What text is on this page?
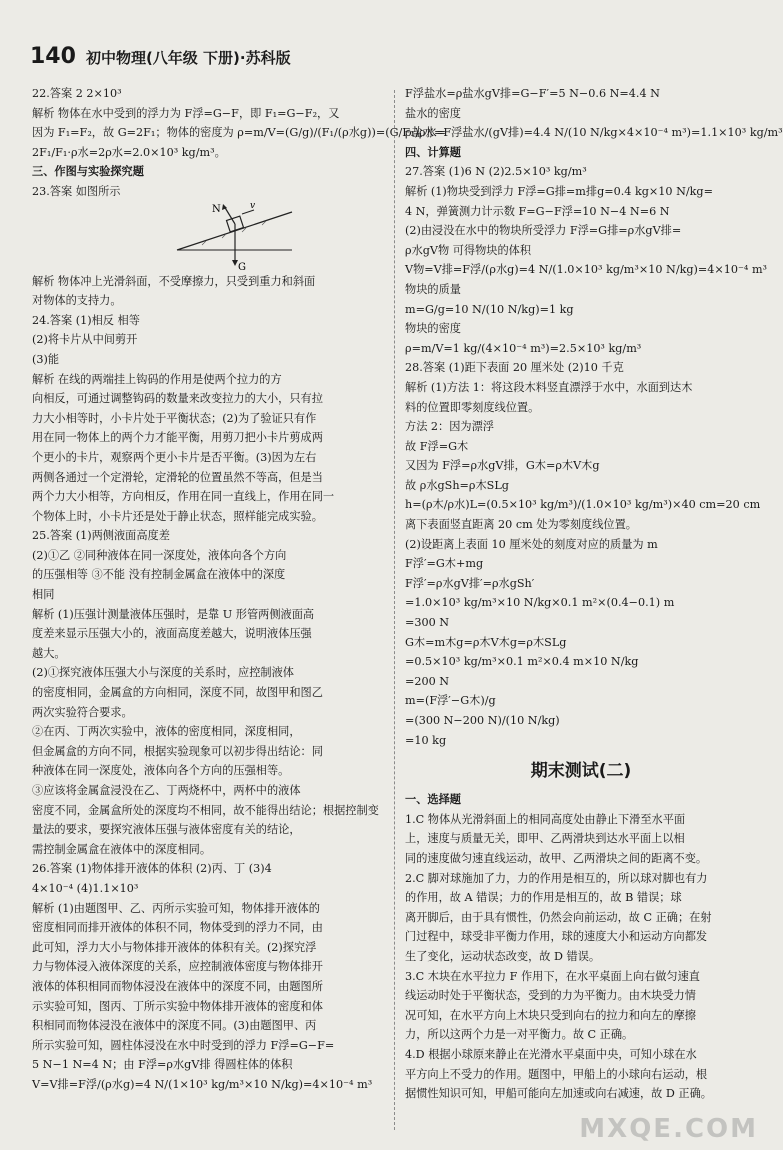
140 初中物理(八年级 下册)·苏科版
22.答案 2 2×10³
解析 物体在水中受到的浮力为 F浮=G−F，即 F₁=G−F₂，又
因为 F₁=F₂，故 G=2F₁；物体的密度为 ρ=m/V=(G/g)/(F₁/(ρ水g))=(G/F₁)ρ水=
2F₁/F₁·ρ水=2ρ水=2.0×10³ kg/m³。
三、作图与实验探究题
23.答案 如图所示
N	v
G
解析 物体冲上光滑斜面，不受摩擦力，只受到重力和斜面
对物体的支持力。
24.答案 (1)相反 相等
(2)将卡片从中间剪开
(3)能
解析 在线的两端挂上钩码的作用是使两个拉力的方
向相反，可通过调整钩码的数量来改变拉力的大小，只有拉
力大小相等时，小卡片处于平衡状态；(2)为了验证只有作
用在同一物体上的两个力才能平衡，用剪刀把小卡片剪成两
个更小的卡片，观察两个更小卡片是否平衡。(3)因为左右
两侧各通过一个定滑轮，定滑轮的位置虽然不等高，但是当
两个力大小相等，方向相反，作用在同一直线上，作用在同一
个物体上时，小卡片还是处于静止状态，照样能完成实验。
25.答案 (1)两侧液面高度差
(2)①乙 ②同种液体在同一深度处，液体向各个方向
的压强相等 ③不能 没有控制金属盒在液体中的深度
相同
解析 (1)压强计测量液体压强时，是靠 U 形管两侧液面高
度差来显示压强大小的，液面高度差越大，说明液体压强
越大。
(2)①探究液体压强大小与深度的关系时，应控制液体
的密度相同，金属盒的方向相同，深度不同，故图甲和图乙
两次实验符合要求。
②在丙、丁两次实验中，液体的密度相同，深度相同，
但金属盒的方向不同，根据实验现象可以初步得出结论：同
种液体在同一深度处，液体向各个方向的压强相等。
③应该将金属盒浸没在乙、丁两烧杯中，两杯中的液体
密度不同，金属盒所处的深度均不相同，故不能得出结论；根据控制变
量法的要求，要探究液体压强与液体密度有关的结论，
需控制金属盒在液体中的深度相同。
26.答案 (1)物体排开液体的体积 (2)丙、丁 (3)4
4×10⁻⁴ (4)1.1×10³
解析 (1)由题图甲、乙、丙所示实验可知，物体排开液体的
密度相同而排开液体的体积不同，物体受到的浮力不同，由
此可知，浮力大小与物体排开液体的体积有关。(2)探究浮
力与物体浸入液体深度的关系，应控制液体密度与物体排开
液体的体积相同而物体浸没在液体中的深度不同，由题图所
示实验可知，图丙、丁所示实验中物体排开液体的密度和体
积相同而物体浸没在液体中的深度不同。(3)由题图甲、丙
所示实验可知，圆柱体浸没在水中时受到的浮力 F浮=G−F=
5 N−1 N=4 N；由 F浮=ρ水gV排 得圆柱体的体积
V=V排=F浮/(ρ水g)=4 N/(1×10³ kg/m³×10 N/kg)=4×10⁻⁴ m³
F浮盐水=ρ盐水gV排=G−F′=5 N−0.6 N=4.4 N
盐水的密度
ρ盐水=F浮盐水/(gV排)=4.4 N/(10 N/kg×4×10⁻⁴ m³)=1.1×10³ kg/m³
四、计算题
27.答案 (1)6 N (2)2.5×10³ kg/m³
解析 (1)物块受到浮力 F浮=G排=m排g=0.4 kg×10 N/kg=
4 N，弹簧测力计示数 F=G−F浮=10 N−4 N=6 N
(2)由浸没在水中的物块所受浮力 F浮=G排=ρ水gV排=
ρ水gV物 可得物块的体积
V物=V排=F浮/(ρ水g)=4 N/(1.0×10³ kg/m³×10 N/kg)=4×10⁻⁴ m³
物块的质量
m=G/g=10 N/(10 N/kg)=1 kg
物块的密度
ρ=m/V=1 kg/(4×10⁻⁴ m³)=2.5×10³ kg/m³
28.答案 (1)距下表面 20 厘米处 (2)10 千克
解析 (1)方法 1：将这段木料竖直漂浮于水中，水面到达木
料的位置即零刻度线位置。
方法 2：因为漂浮
故 F浮=G木
又因为 F浮=ρ水gV排，G木=ρ木V木g
故 ρ水gSh=ρ木SLg
h=(ρ木/ρ水)L=(0.5×10³ kg/m³)/(1.0×10³ kg/m³)×40 cm=20 cm
离下表面竖直距离 20 cm 处为零刻度线位置。
(2)设距离上表面 10 厘米处的刻度对应的质量为 m
F浮′=G木+mg
F浮′=ρ水gV排′=ρ水gSh′
=1.0×10³ kg/m³×10 N/kg×0.1 m²×(0.4−0.1) m
=300 N
G木=m木g=ρ木V木g=ρ木SLg
=0.5×10³ kg/m³×0.1 m²×0.4 m×10 N/kg
=200 N
m=(F浮′−G木)/g
=(300 N−200 N)/(10 N/kg)
=10 kg
期末测试(二)
一、选择题
1.C 物体从光滑斜面上的相同高度处由静止下滑至水平面
上，速度与质量无关，即甲、乙两滑块到达水平面上以相
同的速度做匀速直线运动，故甲、乙两滑块之间的距离不变。
2.C 脚对球施加了力，力的作用是相互的，所以球对脚也有力
的作用，故 A 错误；力的作用是相互的，故 B 错误；球
离开脚后，由于具有惯性，仍然会向前运动，故 C 正确；在射
门过程中，球受非平衡力作用，球的速度大小和运动方向都发
生了变化，运动状态改变，故 D 错误。
3.C 木块在水平拉力 F 作用下，在水平桌面上向右做匀速直
线运动时处于平衡状态，受到的力为平衡力。由木块受力情
况可知，在水平方向上木块只受到向右的拉力和向左的摩擦
力，所以这两个力是一对平衡力。故 C 正确。
4.D 根据小球原来静止在光滑水平桌面中央，可知小球在水
平方向上不受力的作用。题图中，甲船上的小球向右运动，根
据惯性知识可知，甲船可能向左加速或向右减速，故 D 正确。
MXQE.COM
